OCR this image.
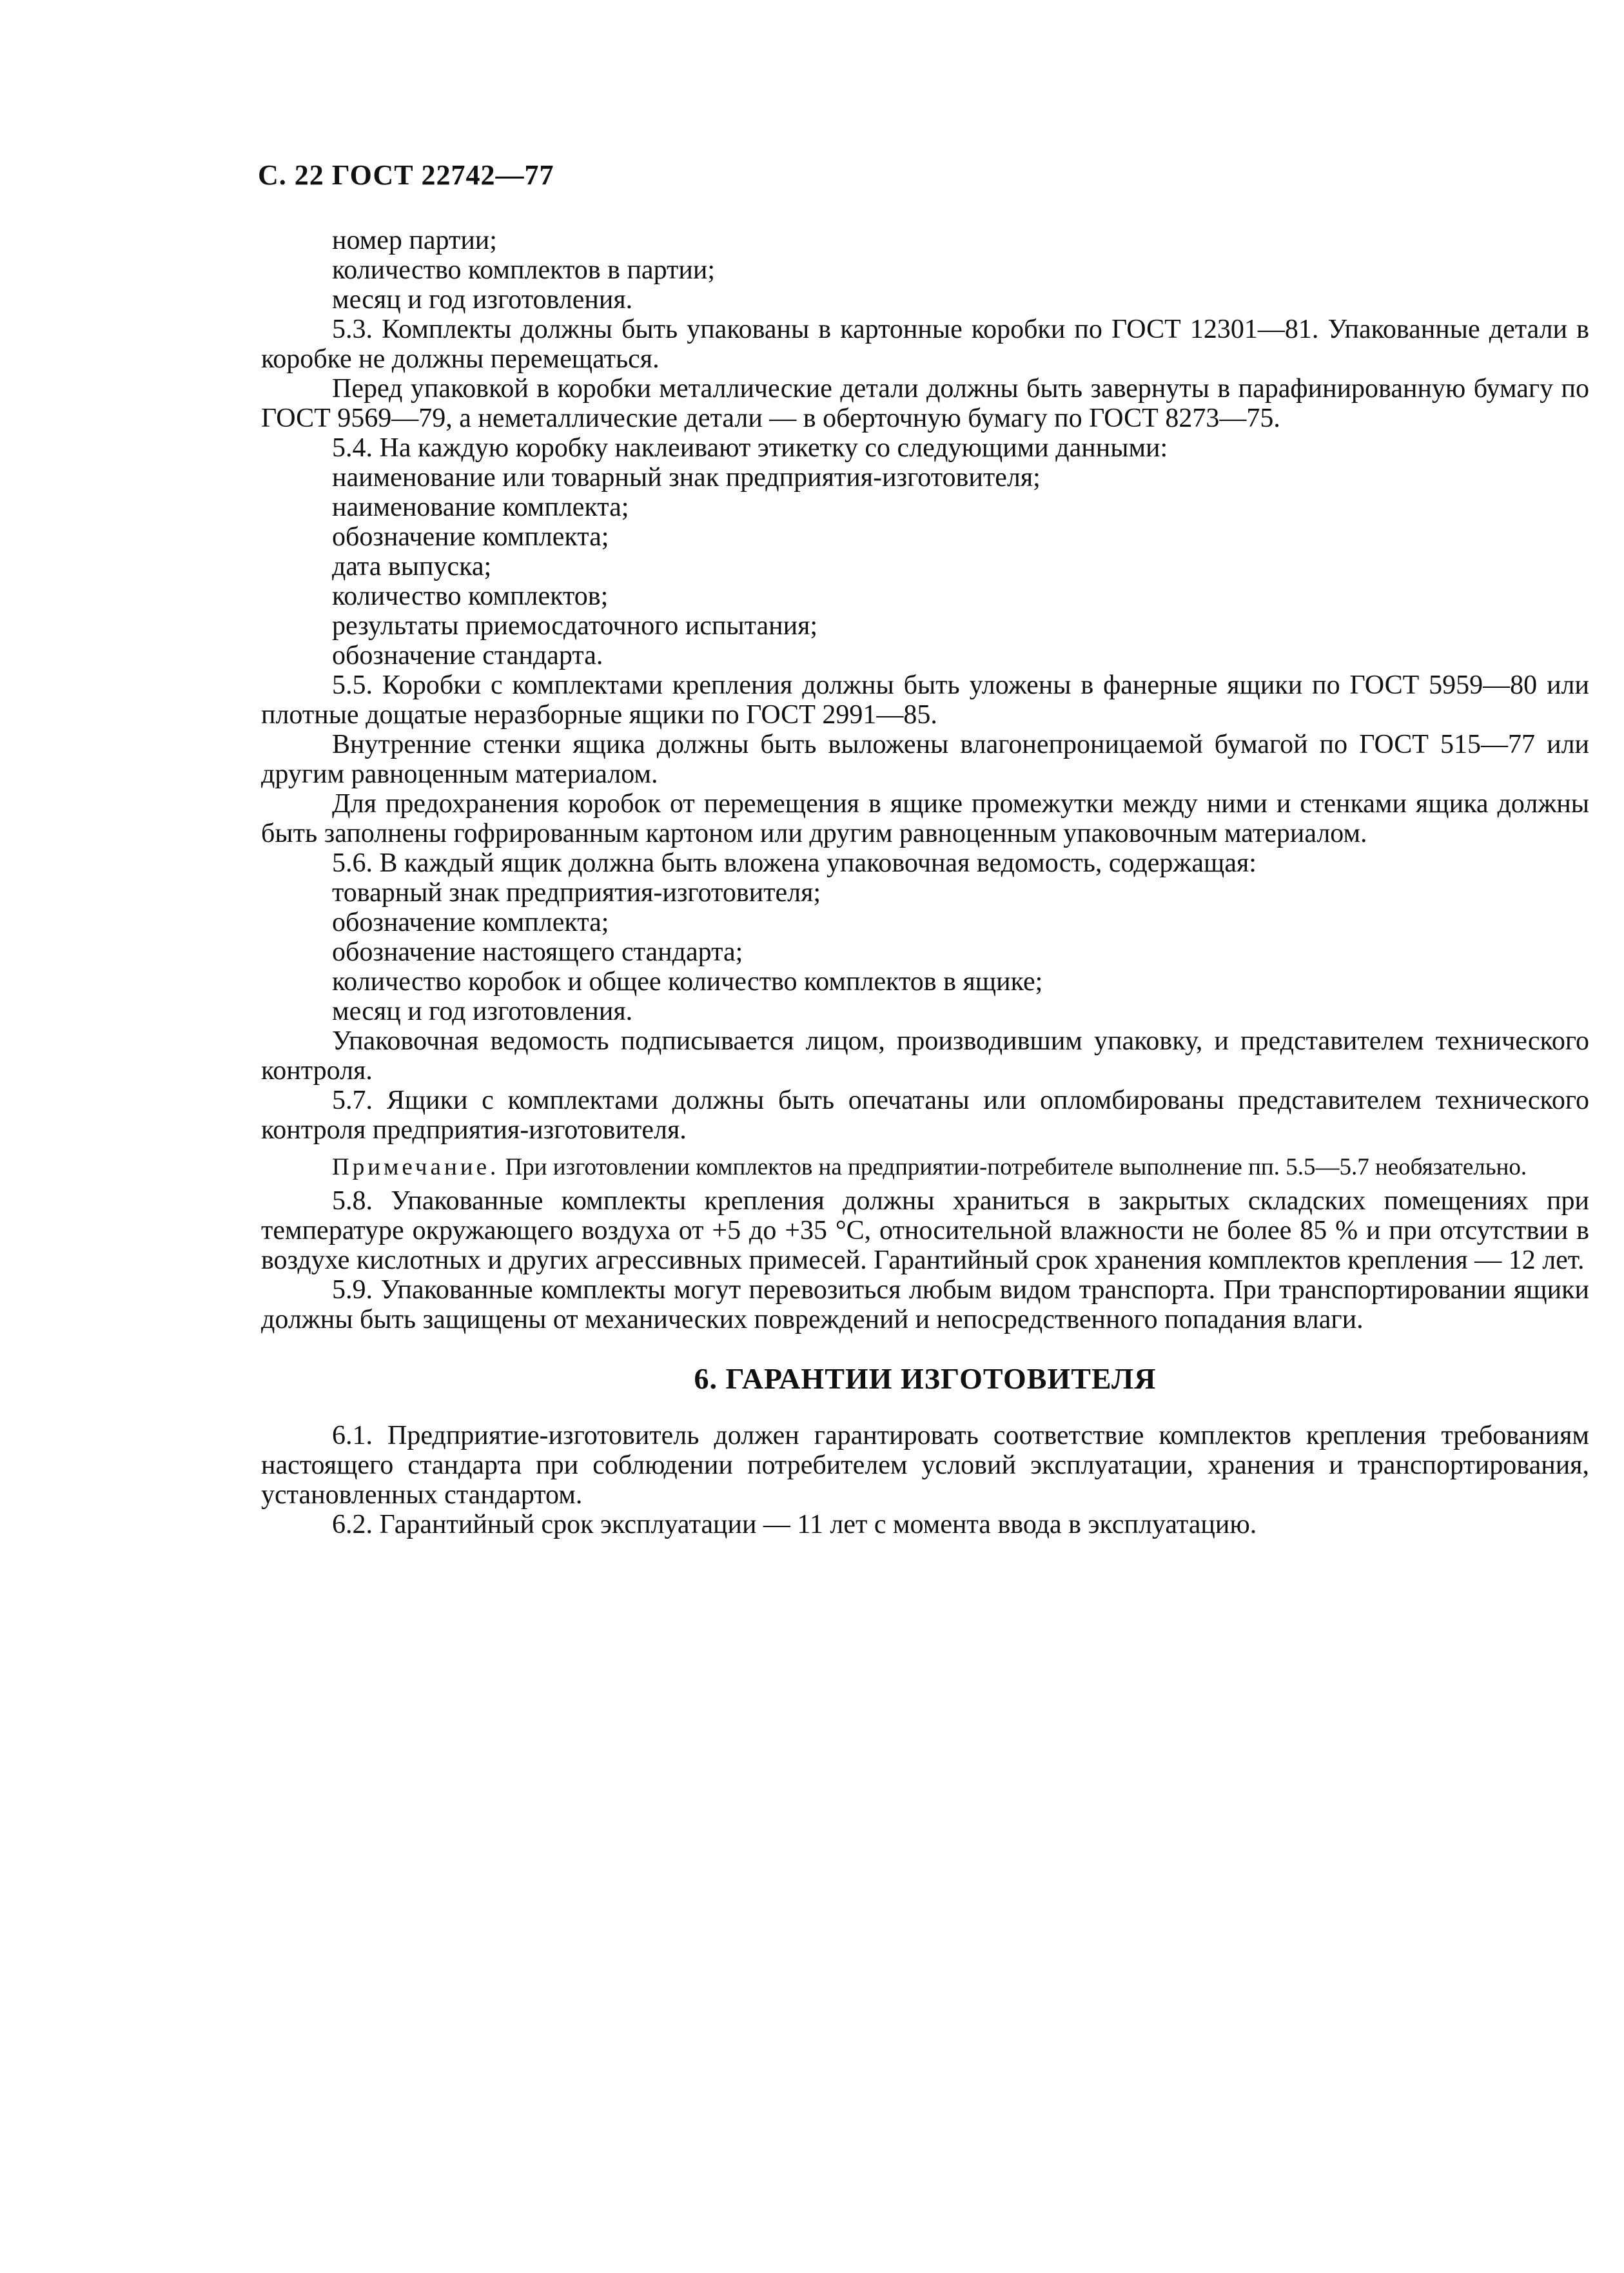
С. 22 ГОСТ 22742—77
номер партии;
количество комплектов в партии;
месяц и год изготовления.
5.3. Комплекты должны быть упакованы в картонные коробки по ГОСТ 12301—81. Упакованные детали в коробке не должны перемещаться.
Перед упаковкой в коробки металлические детали должны быть завернуты в парафинированную бумагу по ГОСТ 9569—79, а неметаллические детали — в оберточную бумагу по ГОСТ 8273—75.
5.4. На каждую коробку наклеивают этикетку со следующими данными:
наименование или товарный знак предприятия-изготовителя;
наименование комплекта;
обозначение комплекта;
дата выпуска;
количество комплектов;
результаты приемосдаточного испытания;
обозначение стандарта.
5.5. Коробки с комплектами крепления должны быть уложены в фанерные ящики по ГОСТ 5959—80 или плотные дощатые неразборные ящики по ГОСТ 2991—85.
Внутренние стенки ящика должны быть выложены влагонепроницаемой бумагой по ГОСТ 515—77 или другим равноценным материалом.
Для предохранения коробок от перемещения в ящике промежутки между ними и стенками ящика должны быть заполнены гофрированным картоном или другим равноценным упаковочным материалом.
5.6. В каждый ящик должна быть вложена упаковочная ведомость, содержащая:
товарный знак предприятия-изготовителя;
обозначение комплекта;
обозначение настоящего стандарта;
количество коробок и общее количество комплектов в ящике;
месяц и год изготовления.
Упаковочная ведомость подписывается лицом, производившим упаковку, и представителем технического контроля.
5.7. Ящики с комплектами должны быть опечатаны или опломбированы представителем технического контроля предприятия-изготовителя.
Примечание. При изготовлении комплектов на предприятии-потребителе выполнение пп. 5.5—5.7 необязательно.
5.8. Упакованные комплекты крепления должны храниться в закрытых складских помещениях при температуре окружающего воздуха от +5 до +35 °С, относительной влажности не более 85 % и при отсутствии в воздухе кислотных и других агрессивных примесей. Гарантийный срок хранения комплектов крепления — 12 лет.
5.9. Упакованные комплекты могут перевозиться любым видом транспорта. При транспортировании ящики должны быть защищены от механических повреждений и непосредственного попадания влаги.
6. ГАРАНТИИ ИЗГОТОВИТЕЛЯ
6.1. Предприятие-изготовитель должен гарантировать соответствие комплектов крепления требованиям настоящего стандарта при соблюдении потребителем условий эксплуатации, хранения и транспортирования, установленных стандартом.
6.2. Гарантийный срок эксплуатации — 11 лет с момента ввода в эксплуатацию.
